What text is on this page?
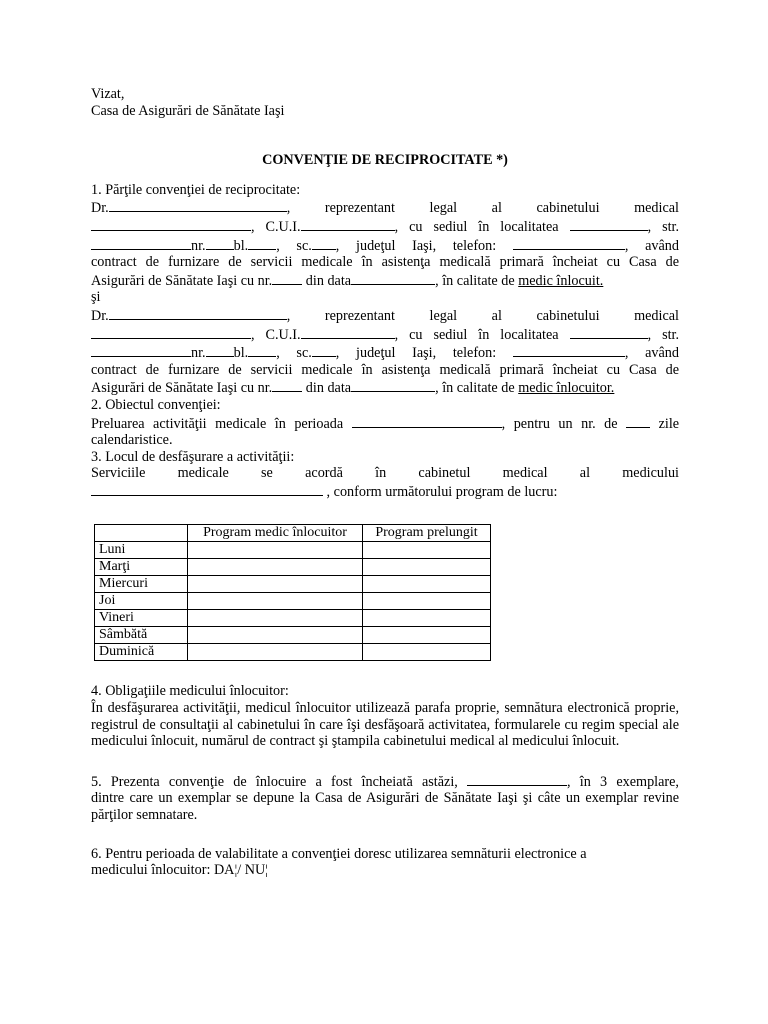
Vizat,

Casa de Asigurări de Sănătate Iaşi

CONVENŢIE DE RECIPROCITATE *)

1. Părţile convenţiei de reciprocitate:

Dr.	, reprezentant legal al cabinetului medical

, C.U.I.	, cu sediul în localitatea	, str.

nr. bl. , sc. , judeţul Iaşi, telefon:	, având

contract de furnizare de servicii medicale în asistenţa medicală primară încheiat cu Casa de

Asigurări de Sănătate Iaşi cu nr. din data	, în calitate de medic înlocuit.

şi

Dr.	, reprezentant legal al cabinetului medical

, C.U.I.	, cu sediul în localitatea	, str.

nr. bl. , sc. , judeţul Iaşi, telefon:	, având

contract de furnizare de servicii medicale în asistenţa medicală primară încheiat cu Casa de

Asigurări de Sănătate Iaşi cu nr. din data	, în calitate de medic înlocuitor.

2. Obiectul convenţiei:

Preluarea activităţii medicale în perioada	, pentru un nr. de	zile

calendaristice.

3. Locul de desfăşurare a activităţii:

Serviciile medicale se acordă în cabinetul medical al medicului

, conform următorului program de lucru:

	Program medic înlocuitor	Program prelungit
Luni		
Marţi		
Miercuri		
Joi		
Vineri		
Sâmbătă		
Duminică		

4. Obligaţiile medicului înlocuitor:

În desfăşurarea activităţii, medicul înlocuitor utilizează parafa proprie, semnătura electronică proprie, registrul de consultaţii al cabinetului în care îşi desfăşoară activitatea, formularele cu regim special ale medicului înlocuit, numărul de contract şi ştampila cabinetului medical al medicului înlocuit.

5. Prezenta convenţie de înlocuire a fost încheiată astăzi,	, în 3 exemplare,

dintre care un exemplar se depune la Casa de Asigurări de Sănătate Iaşi şi câte un exemplar revine părţilor semnatare.

6. Pentru perioada de valabilitate a convenţiei doresc utilizarea semnăturii electronice a

medicului înlocuitor: DA¦/ NU¦
